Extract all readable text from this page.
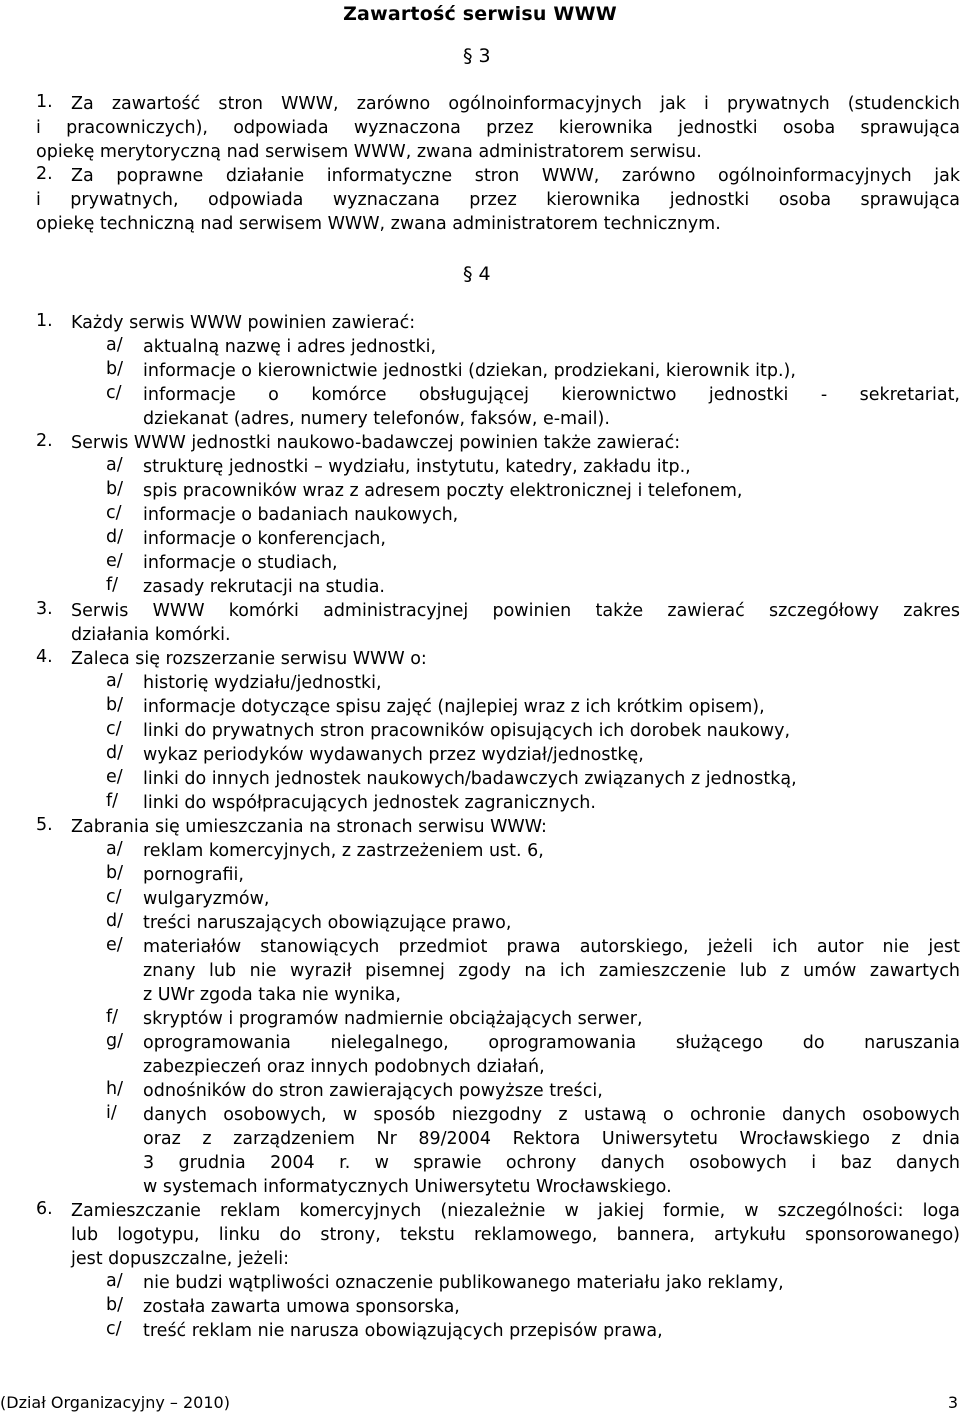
Zawartość serwisu WWW
§ 3
1. Za zawartość stron WWW, zarówno ogólnoinformacyjnych jak i prywatnych (studenckich
i pracowniczych), odpowiada wyznaczona przez kierownika jednostki osoba sprawująca
opiekę merytoryczną nad serwisem WWW, zwana administratorem serwisu.
2. Za poprawne działanie informatyczne stron WWW, zarówno ogólnoinformacyjnych jak
i prywatnych, odpowiada wyznaczana przez kierownika jednostki osoba sprawująca
opiekę techniczną nad serwisem WWW, zwana administratorem technicznym.
§ 4
1. Każdy serwis WWW powinien zawierać:
a/ aktualną nazwę i adres jednostki,
b/ informacje o kierownictwie jednostki (dziekan, prodziekani, kierownik itp.),
c/ informacje o komórce obsługującej kierownictwo jednostki - sekretariat,
dziekanat (adres, numery telefonów, faksów, e-mail).
2. Serwis WWW jednostki naukowo-badawczej powinien także zawierać:
a/ strukturę jednostki – wydziału, instytutu, katedry, zakładu itp.,
b/ spis pracowników wraz z adresem poczty elektronicznej i telefonem,
c/ informacje o badaniach naukowych,
d/ informacje o konferencjach,
e/ informacje o studiach,
f/ zasady rekrutacji na studia.
3. Serwis WWW komórki administracyjnej powinien także zawierać szczegółowy zakres
działania komórki.
4. Zaleca się rozszerzanie serwisu WWW o:
a/ historię wydziału/jednostki,
b/ informacje dotyczące spisu zajęć (najlepiej wraz z ich krótkim opisem),
c/ linki do prywatnych stron pracowników opisujących ich dorobek naukowy,
d/ wykaz periodyków wydawanych przez wydział/jednostkę,
e/ linki do innych jednostek naukowych/badawczych związanych z jednostką,
f/ linki do współpracujących jednostek zagranicznych.
5. Zabrania się umieszczania na stronach serwisu WWW:
a/ reklam komercyjnych, z zastrzeżeniem ust. 6,
b/ pornografii,
c/ wulgaryzmów,
d/ treści naruszających obowiązujące prawo,
e/ materiałów stanowiących przedmiot prawa autorskiego, jeżeli ich autor nie jest
znany lub nie wyraził pisemnej zgody na ich zamieszczenie lub z umów zawartych
z UWr zgoda taka nie wynika,
f/ skryptów i programów nadmiernie obciążających serwer,
g/ oprogramowania nielegalnego, oprogramowania służącego do naruszania
zabezpieczeń oraz innych podobnych działań,
h/ odnośników do stron zawierających powyższe treści,
i/ danych osobowych, w sposób niezgodny z ustawą o ochronie danych osobowych
oraz z zarządzeniem Nr 89/2004 Rektora Uniwersytetu Wrocławskiego z dnia
3 grudnia 2004 r. w sprawie ochrony danych osobowych i baz danych
w systemach informatycznych Uniwersytetu Wrocławskiego.
6. Zamieszczanie reklam komercyjnych (niezależnie w jakiej formie, w szczególności: loga
lub logotypu, linku do strony, tekstu reklamowego, bannera, artykułu sponsorowanego)
jest dopuszczalne, jeżeli:
a/ nie budzi wątpliwości oznaczenie publikowanego materiału jako reklamy,
b/ została zawarta umowa sponsorska,
c/ treść reklam nie narusza obowiązujących przepisów prawa,
(Dział Organizacyjny – 2010)	3
